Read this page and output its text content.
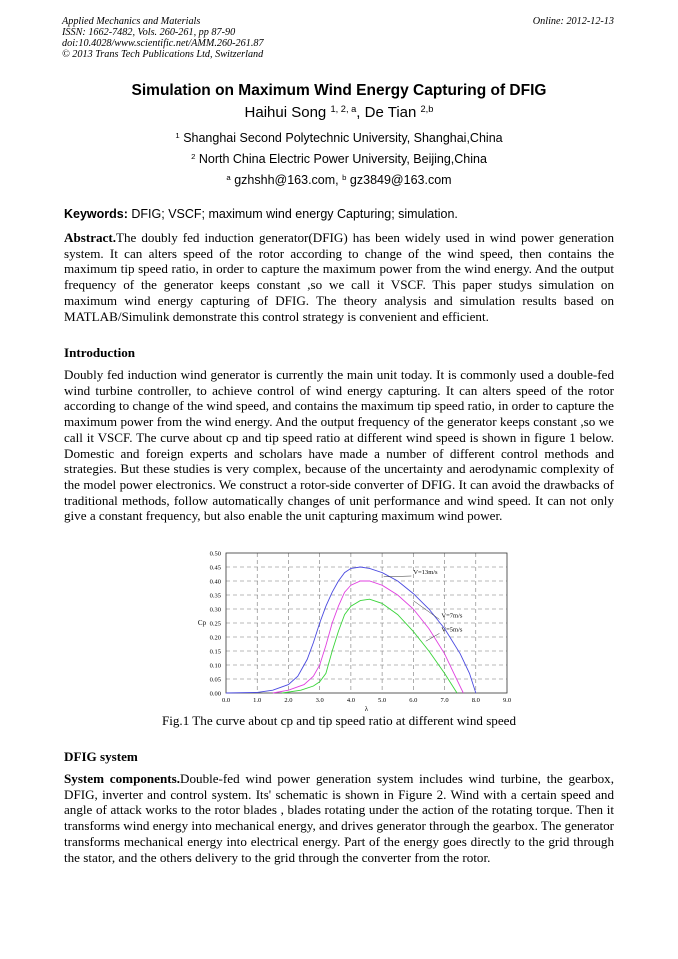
Applied Mechanics and Materials
ISSN: 1662-7482, Vols. 260-261, pp 87-90
doi:10.4028/www.scientific.net/AMM.260-261.87
© 2013 Trans Tech Publications Ltd, Switzerland
Online: 2012-12-13
Simulation on Maximum Wind Energy Capturing of DFIG
Haihui Song $^{1, 2, a}$, De Tian $^{2,b}$
$^1$ Shanghai Second Polytechnic University, Shanghai,China
$^2$ North China Electric Power University, Beijing,China
$^a$ gzhshh@163.com, $^b$ gz3849@163.com
Keywords: DFIG; VSCF; maximum wind energy Capturing; simulation.
Abstract.The doubly fed induction generator(DFIG) has been widely used in wind power generation system. It can alters speed of the rotor according to change of the wind speed, then contains the maximum tip speed ratio, in order to capture the maximum power from the wind energy. And the output frequency of the generator keeps constant ,so we call it VSCF. This paper studys simulation on maximum wind energy capturing of DFIG. The theory analysis and simulation results based on MATLAB/Simulink demonstrate this control strategy is convenient and efficient.
Introduction
Doubly fed induction wind generator is currently the main unit today. It is commonly used a double-fed wind turbine controller, to achieve control of wind energy capturing. It can alters speed of the rotor according to change of the wind speed, and contains the maximum tip speed ratio, in order to capture the maximum power from the wind energy. And the output frequency of the generator keeps constant ,so we call it VSCF. The curve about cp and tip speed ratio at different wind speed is shown in figure 1 below. Domestic and foreign experts and scholars have made a number of different control methods and strategies. But these studies is very complex, because of the uncertainty and aerodynamic complexity of the model power electronics. We construct a rotor-side converter of DFIG. It can avoid the drawbacks of traditional methods, follow automatically changes of unit performance and wind speed. It can not only give a constant frequency, but also enable the unit capturing maximum wind power.
0.00
0.05
0.10
0.15
0.20
0.25
0.30
0.35
0.40
0.45
0.50
0.0	1.0	2.0	3.0	4.0	5.0	6.0	7.0	8.0	9.0
λ
Cp
V=13m/s
V=7m/s
V=5m/s
Fig.1 The curve about cp and tip speed ratio at different wind speed
DFIG system
System components.Double-fed wind power generation system includes wind turbine, the gearbox, DFIG, inverter and control system. Its' schematic is shown in Figure 2. Wind with a certain speed and angle of attack works to the rotor blades , blades rotating under the action of the rotating torque. Then it transforms wind energy into mechanical energy, and drives generator through the gearbox. The generator transforms mechanical energy into electrical energy. Part of the energy goes directly to the grid through the stator, and the others delivery to the grid through the converter from the rotor.
